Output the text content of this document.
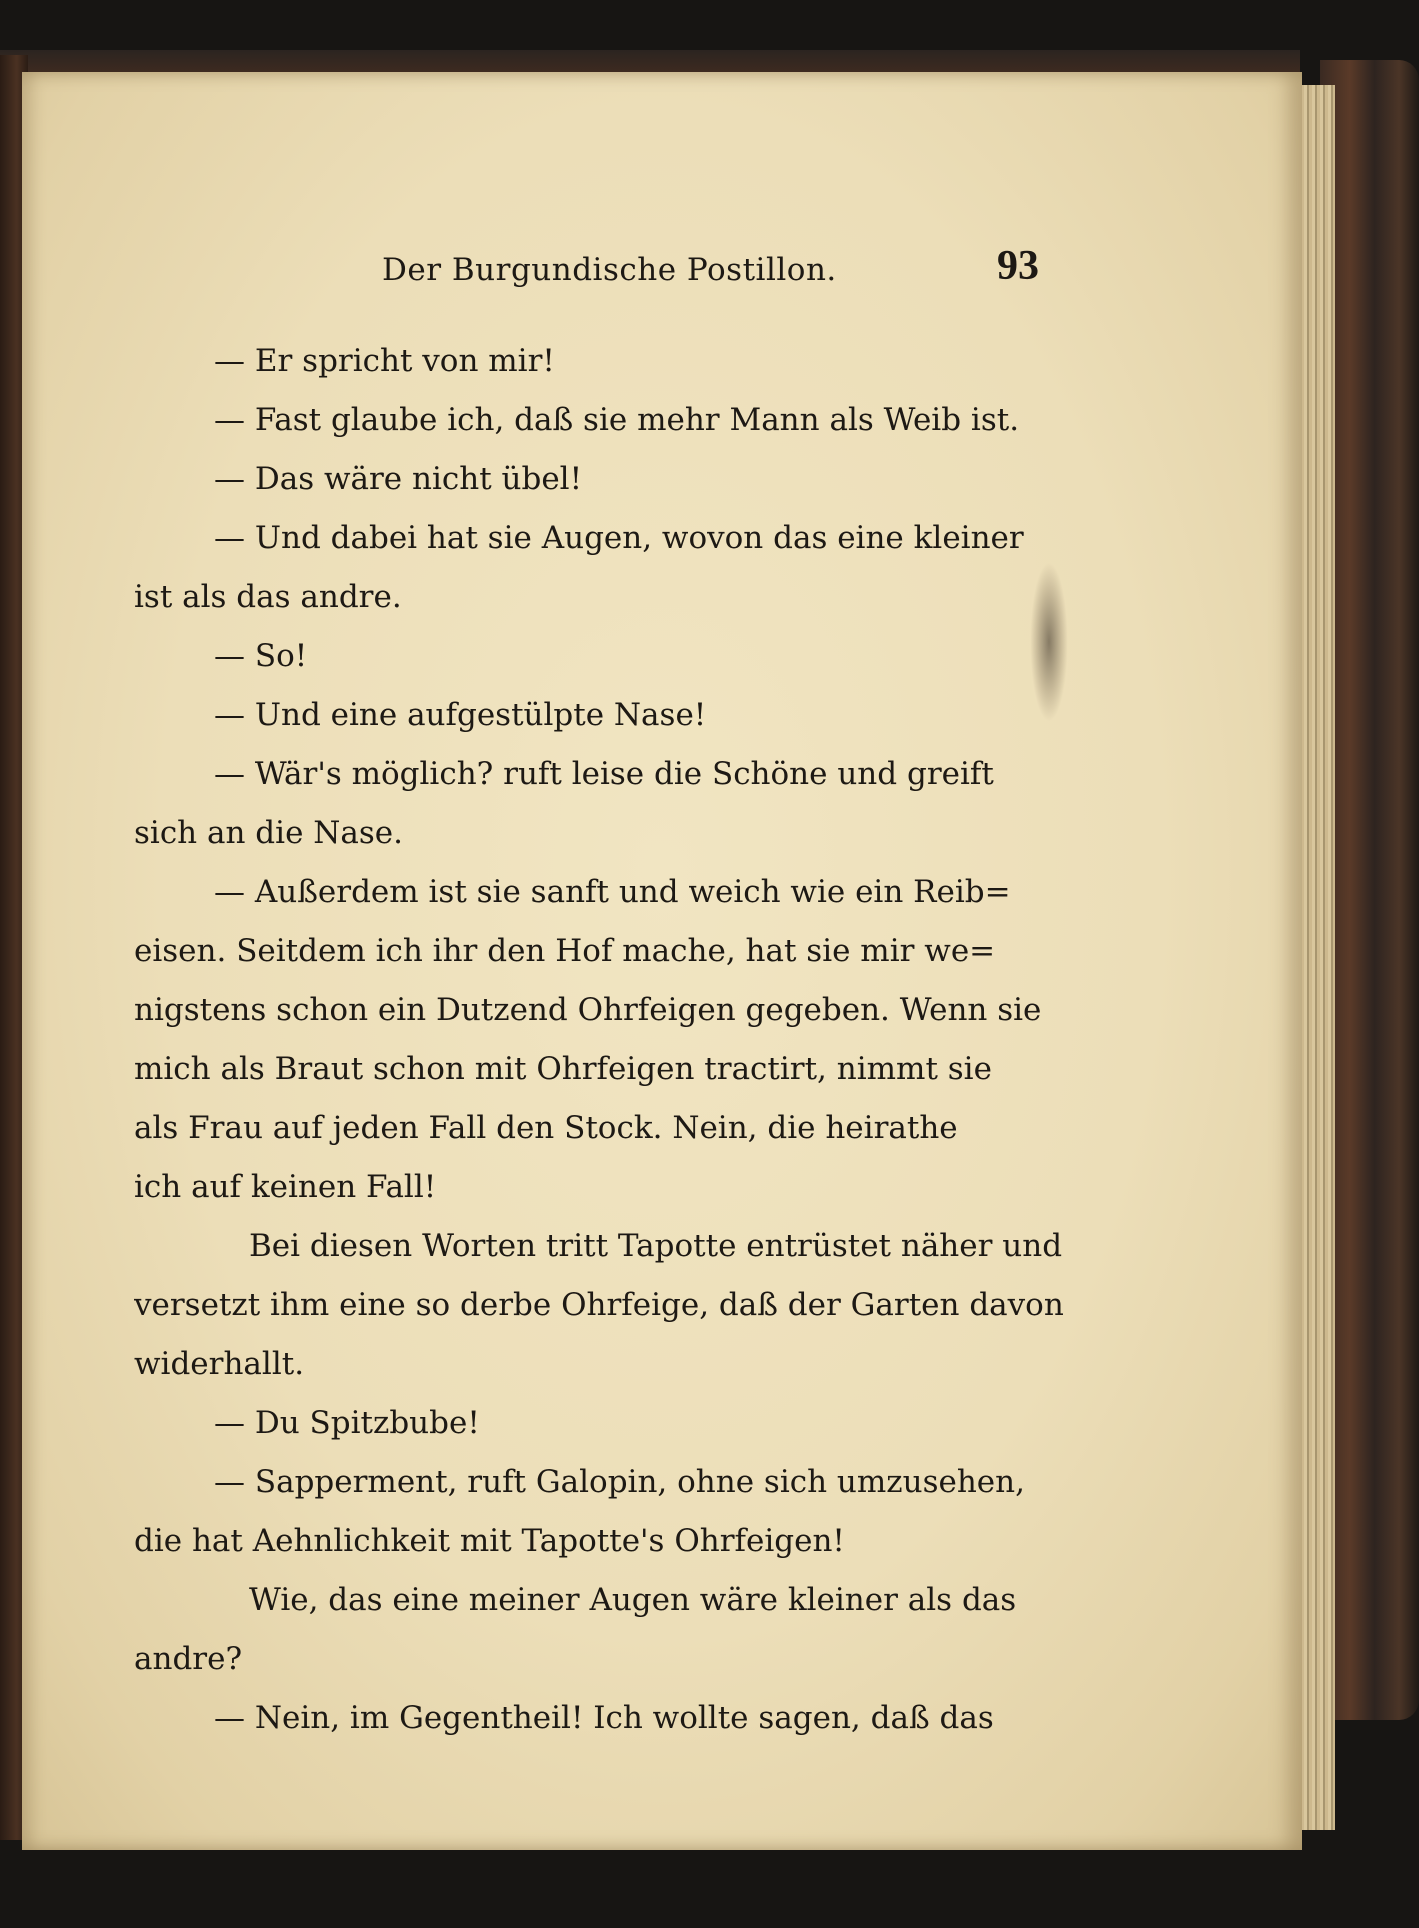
Der Burgundische Postillon.	93
— Er spricht von mir!
— Fast glaube ich, daß sie mehr Mann als Weib ist.
— Das wäre nicht übel!
— Und dabei hat sie Augen, wovon das eine kleiner
ist als das andre.
— So!
— Und eine aufgestülpte Nase!
— Wär's möglich? ruft leise die Schöne und greift
sich an die Nase.
— Außerdem ist sie sanft und weich wie ein Reib=
eisen. Seitdem ich ihr den Hof mache, hat sie mir we=
nigstens schon ein Dutzend Ohrfeigen gegeben. Wenn sie
mich als Braut schon mit Ohrfeigen tractirt, nimmt sie
als Frau auf jeden Fall den Stock. Nein, die heirathe
ich auf keinen Fall!
Bei diesen Worten tritt Tapotte entrüstet näher und
versetzt ihm eine so derbe Ohrfeige, daß der Garten davon
widerhallt.
— Du Spitzbube!
— Sapperment, ruft Galopin, ohne sich umzusehen,
die hat Aehnlichkeit mit Tapotte's Ohrfeigen!
Wie, das eine meiner Augen wäre kleiner als das
andre?
— Nein, im Gegentheil! Ich wollte sagen, daß das
